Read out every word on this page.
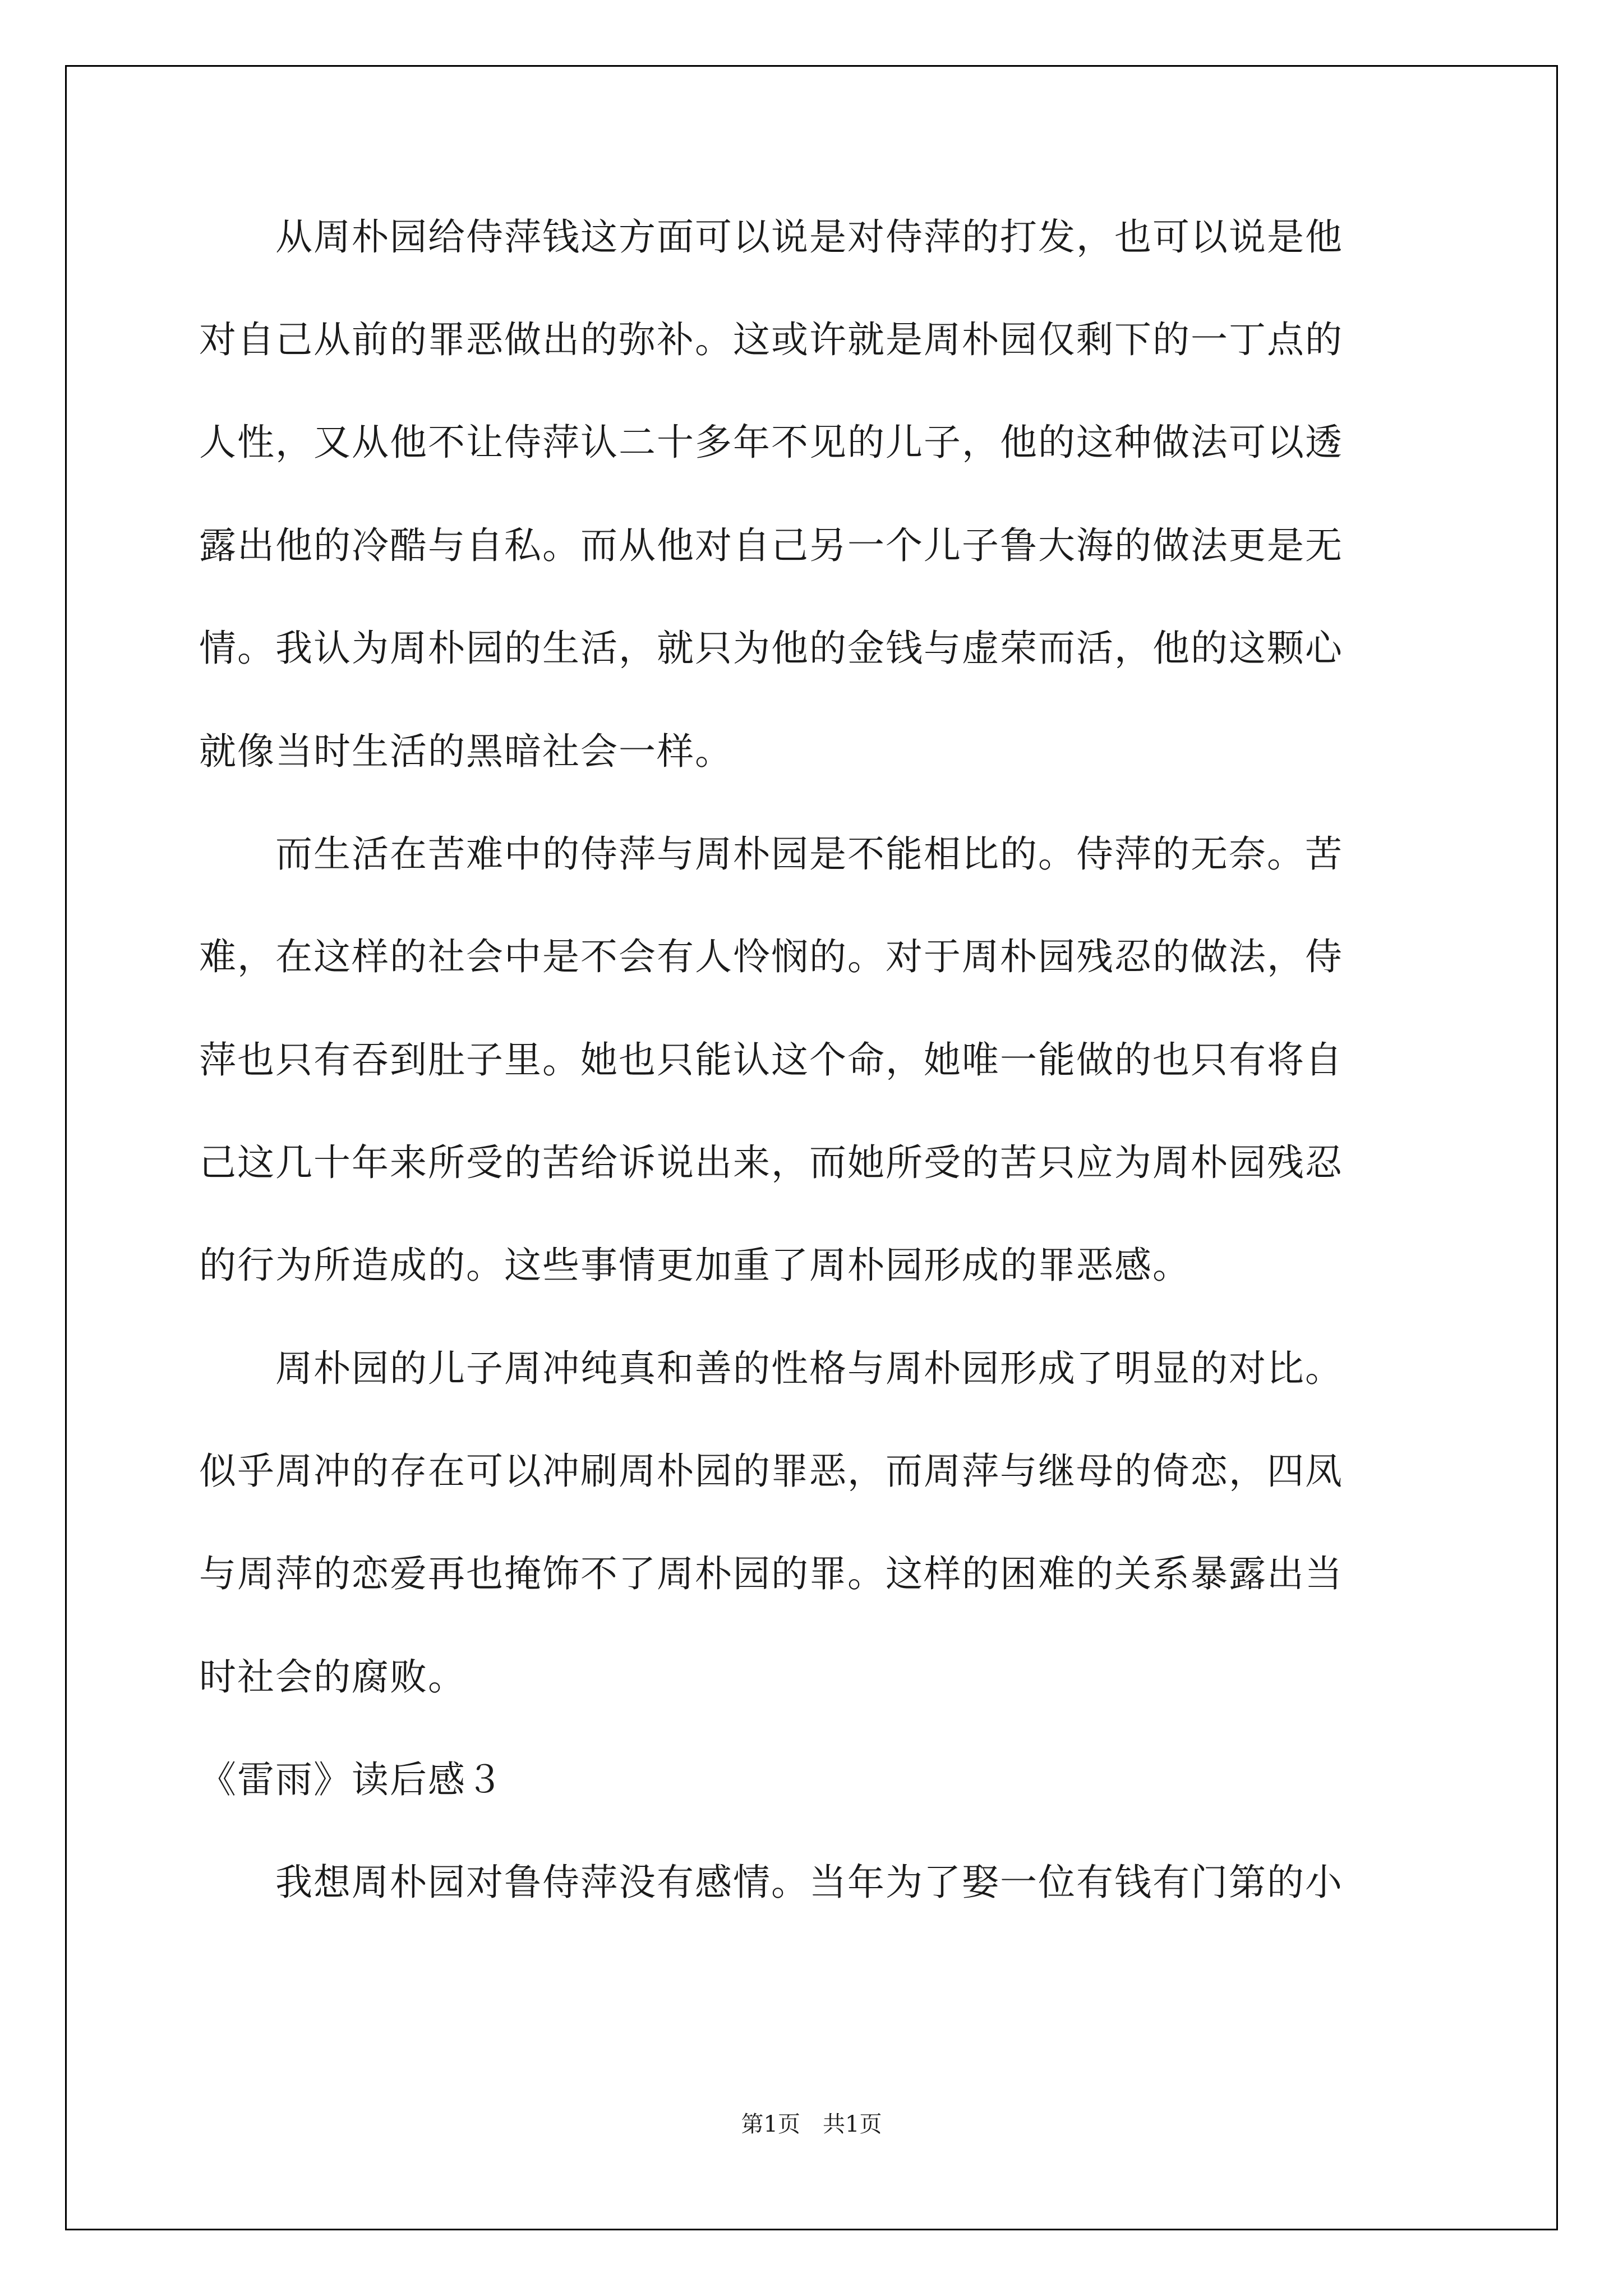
　　从周朴园给侍萍钱这方面可以说是对侍萍的打发，也可以说是他
对自己从前的罪恶做出的弥补。这或许就是周朴园仅剩下的一丁点的
人性，又从他不让侍萍认二十多年不见的儿子，他的这种做法可以透
露出他的冷酷与自私。而从他对自己另一个儿子鲁大海的做法更是无
情。我认为周朴园的生活，就只为他的金钱与虚荣而活，他的这颗心
就像当时生活的黑暗社会一样。
　　而生活在苦难中的侍萍与周朴园是不能相比的。侍萍的无奈。苦
难，在这样的社会中是不会有人怜悯的。对于周朴园残忍的做法，侍
萍也只有吞到肚子里。她也只能认这个命，她唯一能做的也只有将自
己这几十年来所受的苦给诉说出来，而她所受的苦只应为周朴园残忍
的行为所造成的。这些事情更加重了周朴园形成的罪恶感。
　　周朴园的儿子周冲纯真和善的性格与周朴园形成了明显的对比。
似乎周冲的存在可以冲刷周朴园的罪恶，而周萍与继母的倚恋，四凤
与周萍的恋爱再也掩饰不了周朴园的罪。这样的困难的关系暴露出当
时社会的腐败。
《雷雨》读后感３
　　我想周朴园对鲁侍萍没有感情。当年为了娶一位有钱有门第的小
第1页　共1页
